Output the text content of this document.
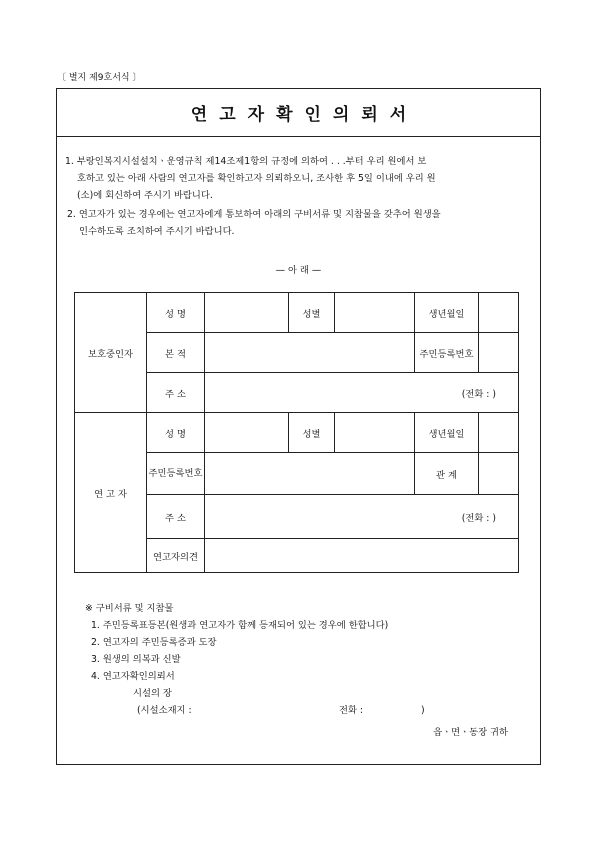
〔 별지 제9호서식 〕
연고자확인의뢰서
1. 부랑인복지시설설치ㆍ운영규칙 제14조제1항의 규정에 의하여 . . .부터 우리 원에서 보
호하고 있는 아래 사람의 연고자를 확인하고자 의뢰하오니, 조사한 후 5일 이내에 우리 원
(소)에 회신하여 주시기 바랍니다.
2. 연고자가 있는 경우에는 연고자에게 통보하여 아래의 구비서류 및 지참물을 갖추어 원생을
인수하도록 조치하여 주시기 바랍니다.
— 아 래 —
보호중인자	성 명		성별		생년월일	
	본 적				주민등록번호	
	주 소	(전화 : )				
연 고 자	성 명		성별		생년월일	
	주민등록번호				관 계	
	주 소	(전화 : )				
	연고자의견					
※ 구비서류 및 지참물
1. 주민등록표등본(원생과 연고자가 함께 등재되어 있는 경우에 한합니다)
2. 연고자의 주민등록증과 도장
3. 원생의 의복과 신발
4. 연고자확인의뢰서
시설의 장
(시설소재지 :	전화 :	)
읍ㆍ면ㆍ동장 귀하
